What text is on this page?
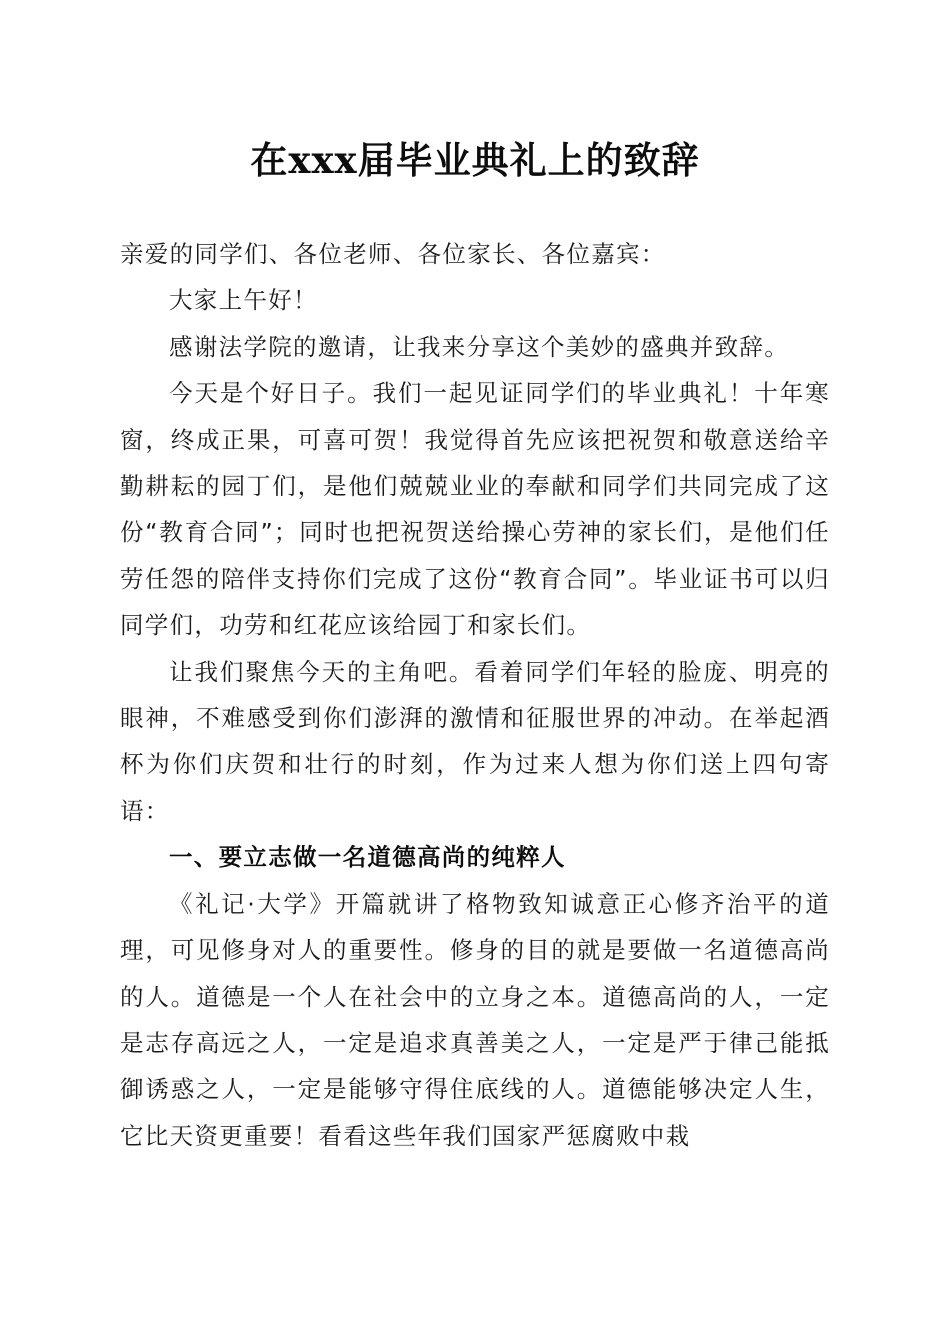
在xxx届毕业典礼上的致辞

亲爱的同学们、各位老师、各位家长、各位嘉宾：

大家上午好！

感谢法学院的邀请，让我来分享这个美妙的盛典并致辞。

今天是个好日子。我们一起见证同学们的毕业典礼！十年寒窗，终成正果，可喜可贺！我觉得首先应该把祝贺和敬意送给辛勤耕耘的园丁们，是他们兢兢业业的奉献和同学们共同完成了这份“教育合同”；同时也把祝贺送给操心劳神的家长们，是他们任劳任怨的陪伴支持你们完成了这份“教育合同”。毕业证书可以归同学们，功劳和红花应该给园丁和家长们。

让我们聚焦今天的主角吧。看着同学们年轻的脸庞、明亮的眼神，不难感受到你们澎湃的激情和征服世界的冲动。在举起酒杯为你们庆贺和壮行的时刻，作为过来人想为你们送上四句寄语：

一、要立志做一名道德高尚的纯粹人

《礼记·大学》开篇就讲了格物致知诚意正心修齐治平的道理，可见修身对人的重要性。修身的目的就是要做一名道德高尚的人。道德是一个人在社会中的立身之本。道德高尚的人，一定是志存高远之人，一定是追求真善美之人，一定是严于律己能抵御诱惑之人，一定是能够守得住底线的人。道德能够决定人生，它比天资更重要！看看这些年我们国家严惩腐败中栽
